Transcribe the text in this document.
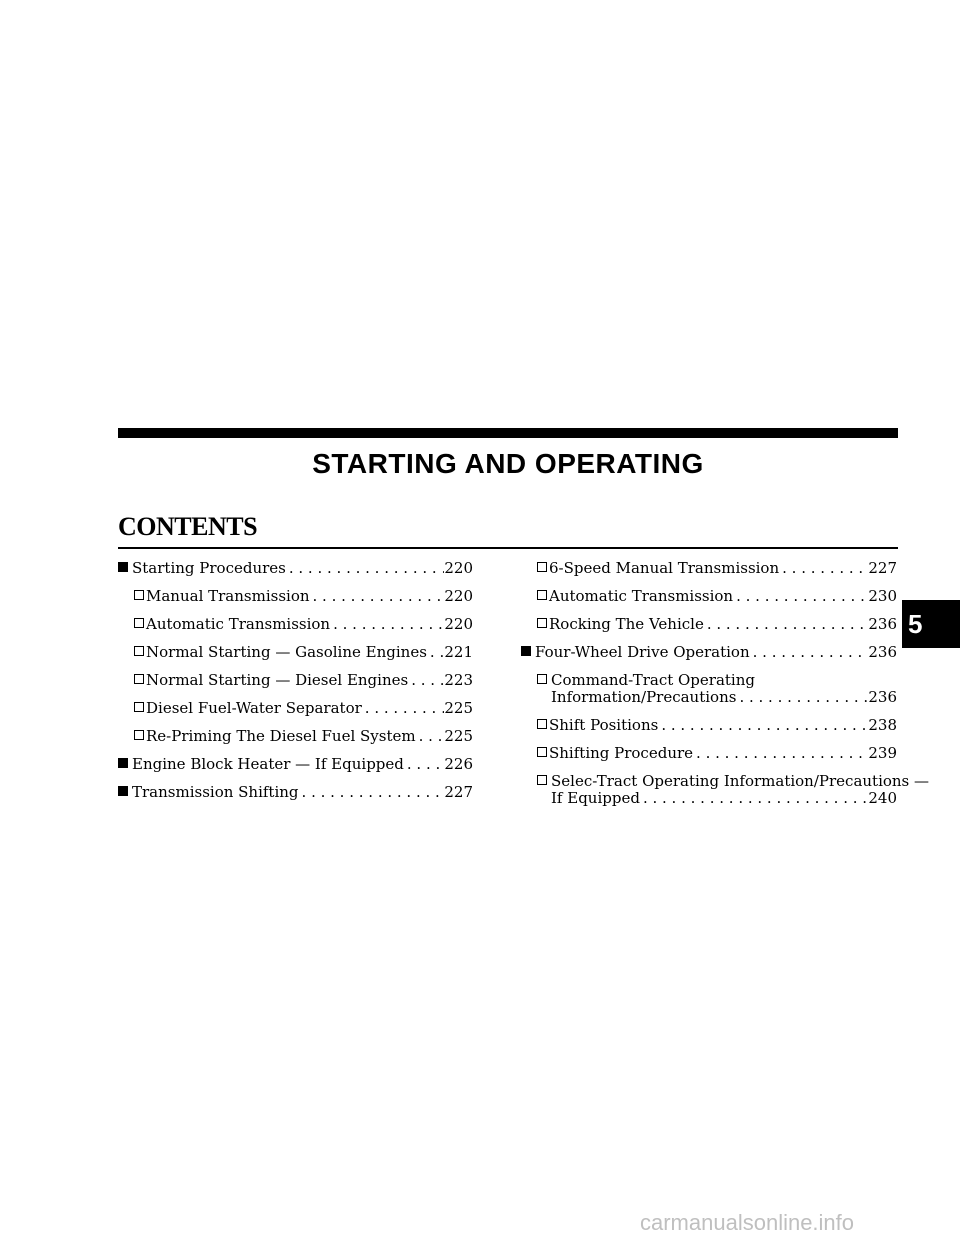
STARTING AND OPERATING
CONTENTS
Starting Procedures . . .	220
Manual Transmission . . .	220
Automatic Transmission . . .	220
Normal Starting — Gasoline Engines . . . 221
Normal Starting — Diesel Engines . . . 223
Diesel Fuel-Water Separator . . .	225
Re-Priming The Diesel Fuel System . . . 225
Engine Block Heater — If Equipped . . .	226
Transmission Shifting . . .	227
6-Speed Manual Transmission . . .	227
Automatic Transmission . . .	230
Rocking The Vehicle . . .	236
Four-Wheel Drive Operation . . .	236
Command-Tract Operating
Information/Precautions . . .	236
Shift Positions . . .	238
Shifting Procedure . . .	239
Selec-Tract Operating Information/Precautions —
If Equipped . . .	240
5
carmanualsonline.info
